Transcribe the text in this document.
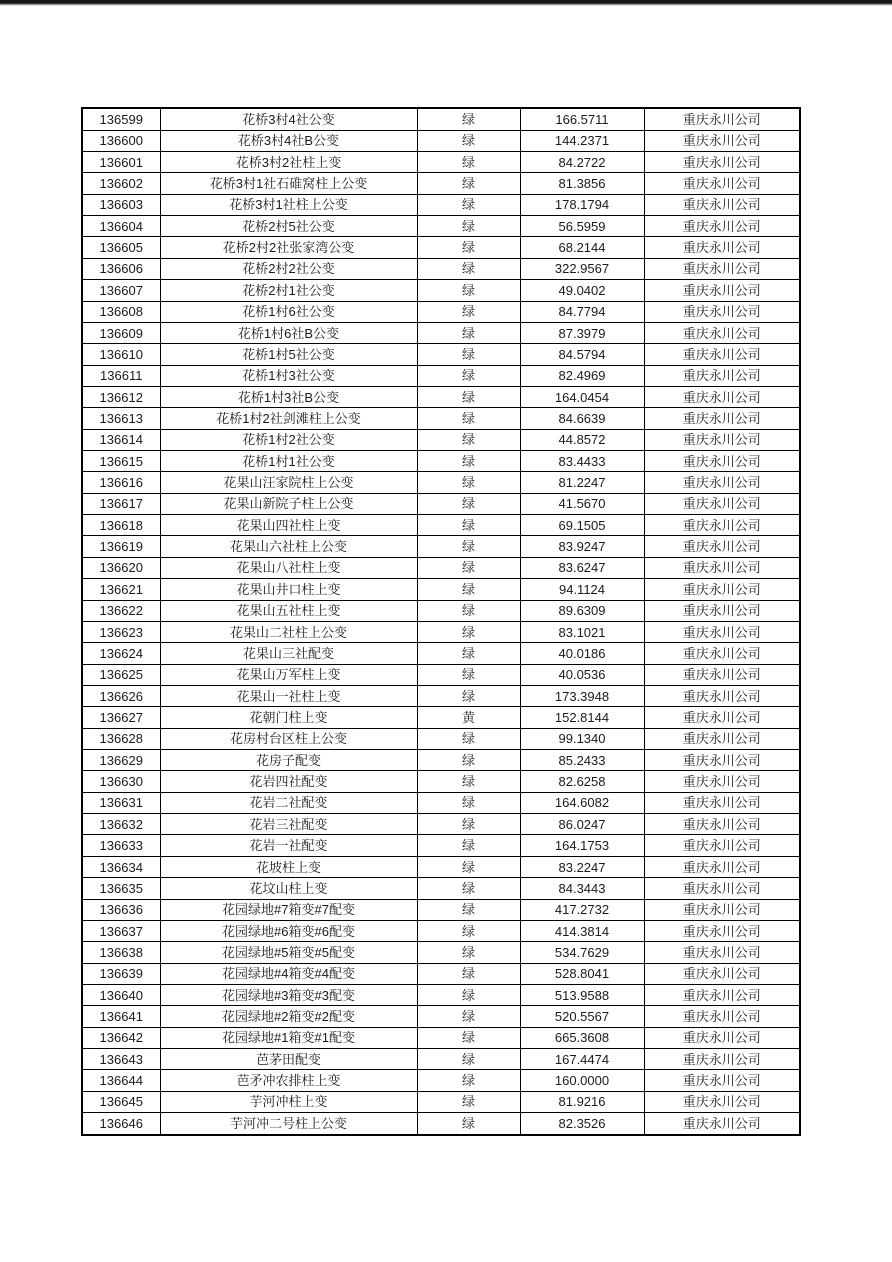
136599	花桥3村4社公变	绿	166.5711	重庆永川公司
136600	花桥3村4社B公变	绿	144.2371	重庆永川公司
136601	花桥3村2社柱上变	绿	84.2722	重庆永川公司
136602	花桥3村1社石碓窝柱上公变	绿	81.3856	重庆永川公司
136603	花桥3村1社柱上公变	绿	178.1794	重庆永川公司
136604	花桥2村5社公变	绿	56.5959	重庆永川公司
136605	花桥2村2社张家湾公变	绿	68.2144	重庆永川公司
136606	花桥2村2社公变	绿	322.9567	重庆永川公司
136607	花桥2村1社公变	绿	49.0402	重庆永川公司
136608	花桥1村6社公变	绿	84.7794	重庆永川公司
136609	花桥1村6社B公变	绿	87.3979	重庆永川公司
136610	花桥1村5社公变	绿	84.5794	重庆永川公司
136611	花桥1村3社公变	绿	82.4969	重庆永川公司
136612	花桥1村3社B公变	绿	164.0454	重庆永川公司
136613	花桥1村2社剑滩柱上公变	绿	84.6639	重庆永川公司
136614	花桥1村2社公变	绿	44.8572	重庆永川公司
136615	花桥1村1社公变	绿	83.4433	重庆永川公司
136616	花果山汪家院柱上公变	绿	81.2247	重庆永川公司
136617	花果山新院子柱上公变	绿	41.5670	重庆永川公司
136618	花果山四社柱上变	绿	69.1505	重庆永川公司
136619	花果山六社柱上公变	绿	83.9247	重庆永川公司
136620	花果山八社柱上变	绿	83.6247	重庆永川公司
136621	花果山井口柱上变	绿	94.1124	重庆永川公司
136622	花果山五社柱上变	绿	89.6309	重庆永川公司
136623	花果山二社柱上公变	绿	83.1021	重庆永川公司
136624	花果山三社配变	绿	40.0186	重庆永川公司
136625	花果山万军柱上变	绿	40.0536	重庆永川公司
136626	花果山一社柱上变	绿	173.3948	重庆永川公司
136627	花朝门柱上变	黄	152.8144	重庆永川公司
136628	花房村台区柱上公变	绿	99.1340	重庆永川公司
136629	花房子配变	绿	85.2433	重庆永川公司
136630	花岩四社配变	绿	82.6258	重庆永川公司
136631	花岩二社配变	绿	164.6082	重庆永川公司
136632	花岩三社配变	绿	86.0247	重庆永川公司
136633	花岩一社配变	绿	164.1753	重庆永川公司
136634	花坡柱上变	绿	83.2247	重庆永川公司
136635	花坟山柱上变	绿	84.3443	重庆永川公司
136636	花园绿地#7箱变#7配变	绿	417.2732	重庆永川公司
136637	花园绿地#6箱变#6配变	绿	414.3814	重庆永川公司
136638	花园绿地#5箱变#5配变	绿	534.7629	重庆永川公司
136639	花园绿地#4箱变#4配变	绿	528.8041	重庆永川公司
136640	花园绿地#3箱变#3配变	绿	513.9588	重庆永川公司
136641	花园绿地#2箱变#2配变	绿	520.5567	重庆永川公司
136642	花园绿地#1箱变#1配变	绿	665.3608	重庆永川公司
136643	芭茅田配变	绿	167.4474	重庆永川公司
136644	芭矛冲农排柱上变	绿	160.0000	重庆永川公司
136645	芋河冲柱上变	绿	81.9216	重庆永川公司
136646	芋河冲二号柱上公变	绿	82.3526	重庆永川公司
